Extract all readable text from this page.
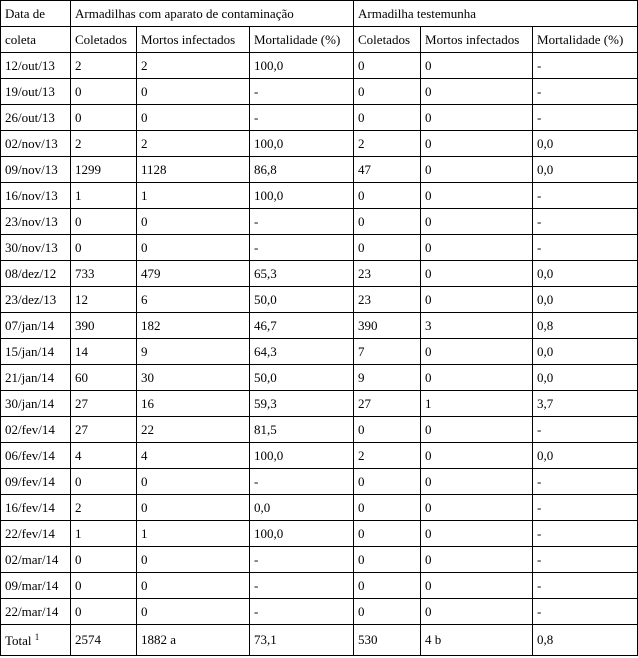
Data de	Armadilhas com aparato de contaminação			Armadilha testemunha		
coleta	Coletados	Mortos infectados	Mortalidade (%)	Coletados	Mortos infectados	Mortalidade (%)
12/out/13	2	2	100,0	0	0	-
19/out/13	0	0	-	0	0	-
26/out/13	0	0	-	0	0	-
02/nov/13	2	2	100,0	2	0	0,0
09/nov/13	1299	1128	86,8	47	0	0,0
16/nov/13	1	1	100,0	0	0	-
23/nov/13	0	0	-	0	0	-
30/nov/13	0	0	-	0	0	-
08/dez/12	733	479	65,3	23	0	0,0
23/dez/13	12	6	50,0	23	0	0,0
07/jan/14	390	182	46,7	390	3	0,8
15/jan/14	14	9	64,3	7	0	0,0
21/jan/14	60	30	50,0	9	0	0,0
30/jan/14	27	16	59,3	27	1	3,7
02/fev/14	27	22	81,5	0	0	-
06/fev/14	4	4	100,0	2	0	0,0
09/fev/14	0	0	-	0	0	-
16/fev/14	2	0	0,0	0	0	-
22/fev/14	1	1	100,0	0	0	-
02/mar/14	0	0	-	0	0	-
09/mar/14	0	0	-	0	0	-
22/mar/14	0	0	-	0	0	-
Total $^1$	2574	1882 a	73,1	530	4 b	0,8
